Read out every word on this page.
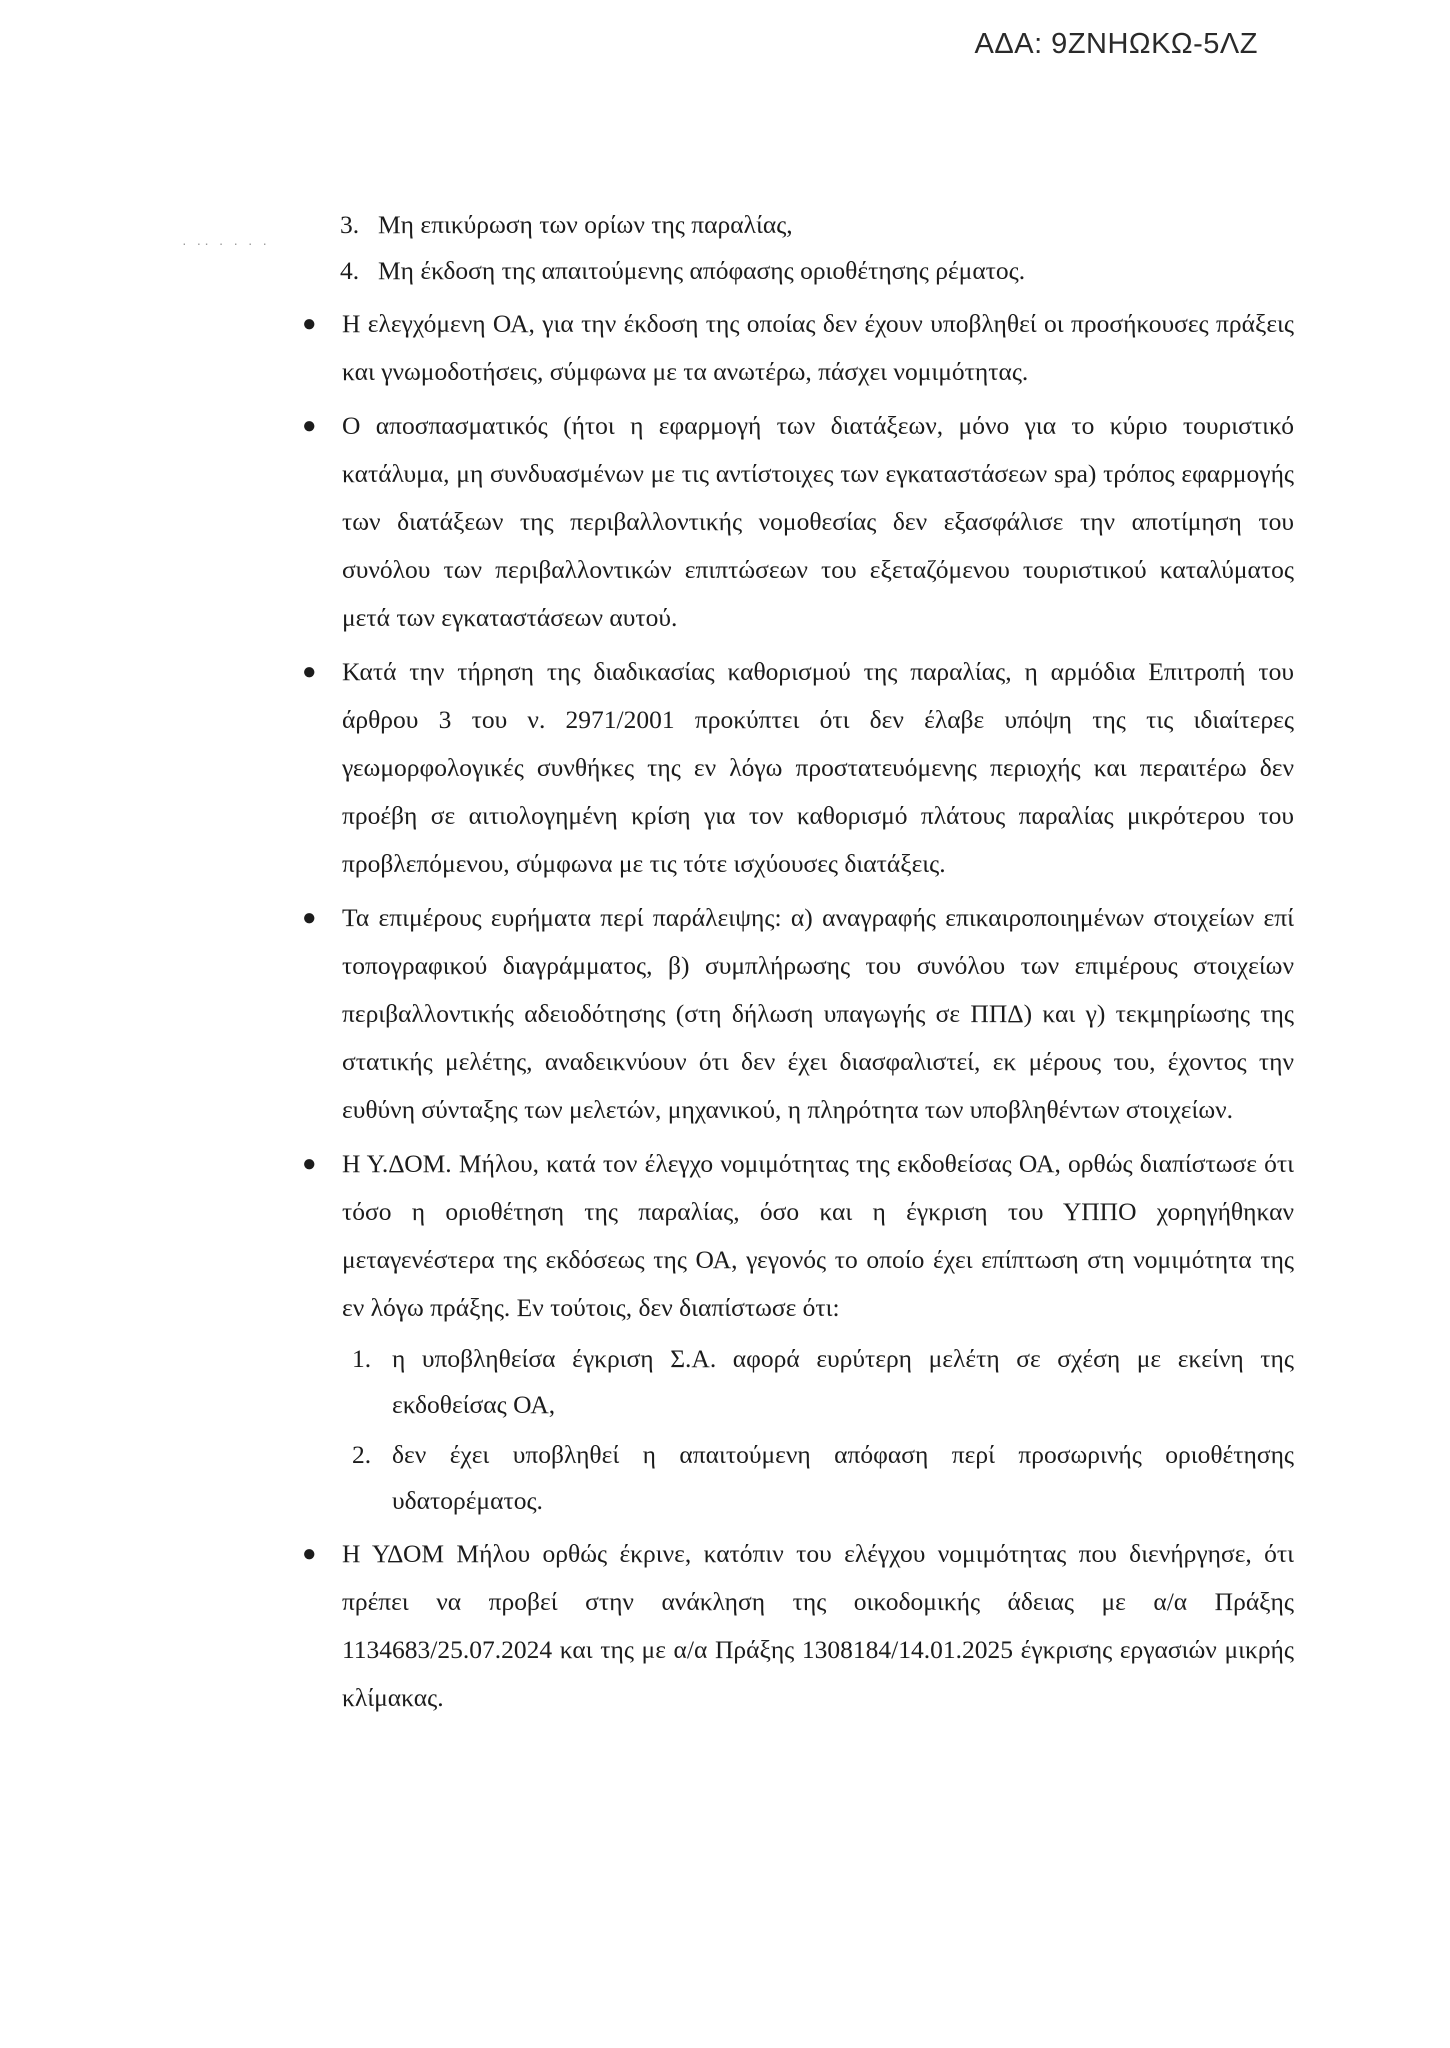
ΑΔΑ: 9ΖΝΗΩΚΩ-5ΛΖ
· ·· · · · ·
3. Μη επικύρωση των ορίων της παραλίας,
4. Μη έκδοση της απαιτούμενης απόφασης οριοθέτησης ρέματος.
● Η ελεγχόμενη ΟΑ, για την έκδοση της οποίας δεν έχουν υποβληθεί οι προσήκουσες πράξεις και γνωμοδοτήσεις, σύμφωνα με τα ανωτέρω, πάσχει νομιμότητας.
● Ο αποσπασματικός (ήτοι η εφαρμογή των διατάξεων, μόνο για το κύριο τουριστικό κατάλυμα, μη συνδυασμένων με τις αντίστοιχες των εγκαταστάσεων spa) τρόπος εφαρμογής των διατάξεων της περιβαλλοντικής νομοθεσίας δεν εξασφάλισε την αποτίμηση του συνόλου των περιβαλλοντικών επιπτώσεων του εξεταζόμενου τουριστικού καταλύματος μετά των εγκαταστάσεων αυτού.
● Κατά την τήρηση της διαδικασίας καθορισμού της παραλίας, η αρμόδια Επιτροπή του άρθρου 3 του ν. 2971/2001 προκύπτει ότι δεν έλαβε υπόψη της τις ιδιαίτερες γεωμορφολογικές συνθήκες της εν λόγω προστατευόμενης περιοχής και περαιτέρω δεν προέβη σε αιτιολογημένη κρίση για τον καθορισμό πλάτους παραλίας μικρότερου του προβλεπόμενου, σύμφωνα με τις τότε ισχύουσες διατάξεις.
● Τα επιμέρους ευρήματα περί παράλειψης: α) αναγραφής επικαιροποιημένων στοιχείων επί τοπογραφικού διαγράμματος, β) συμπλήρωσης του συνόλου των επιμέρους στοιχείων περιβαλλοντικής αδειοδότησης (στη δήλωση υπαγωγής σε ΠΠΔ) και γ) τεκμηρίωσης της στατικής μελέτης, αναδεικνύουν ότι δεν έχει διασφαλιστεί, εκ μέρους του, έχοντος την ευθύνη σύνταξης των μελετών, μηχανικού, η πληρότητα των υποβληθέντων στοιχείων.
● Η Υ.ΔΟΜ. Μήλου, κατά τον έλεγχο νομιμότητας της εκδοθείσας ΟΑ, ορθώς διαπίστωσε ότι τόσο η οριοθέτηση της παραλίας, όσο και η έγκριση του ΥΠΠΟ χορηγήθηκαν μεταγενέστερα της εκδόσεως της ΟΑ, γεγονός το οποίο έχει επίπτωση στη νομιμότητα της εν λόγω πράξης. Εν τούτοις, δεν διαπίστωσε ότι:
1. η υποβληθείσα έγκριση Σ.Α. αφορά ευρύτερη μελέτη σε σχέση με εκείνη της εκδοθείσας ΟΑ,
2. δεν έχει υποβληθεί η απαιτούμενη απόφαση περί προσωρινής οριοθέτησης υδατορέματος.
● Η ΥΔΟΜ Μήλου ορθώς έκρινε, κατόπιν του ελέγχου νομιμότητας που διενήργησε, ότι πρέπει να προβεί στην ανάκληση της οικοδομικής άδειας με α/α Πράξης 1134683/25.07.2024 και της με α/α Πράξης 1308184/14.01.2025 έγκρισης εργασιών μικρής κλίμακας.
